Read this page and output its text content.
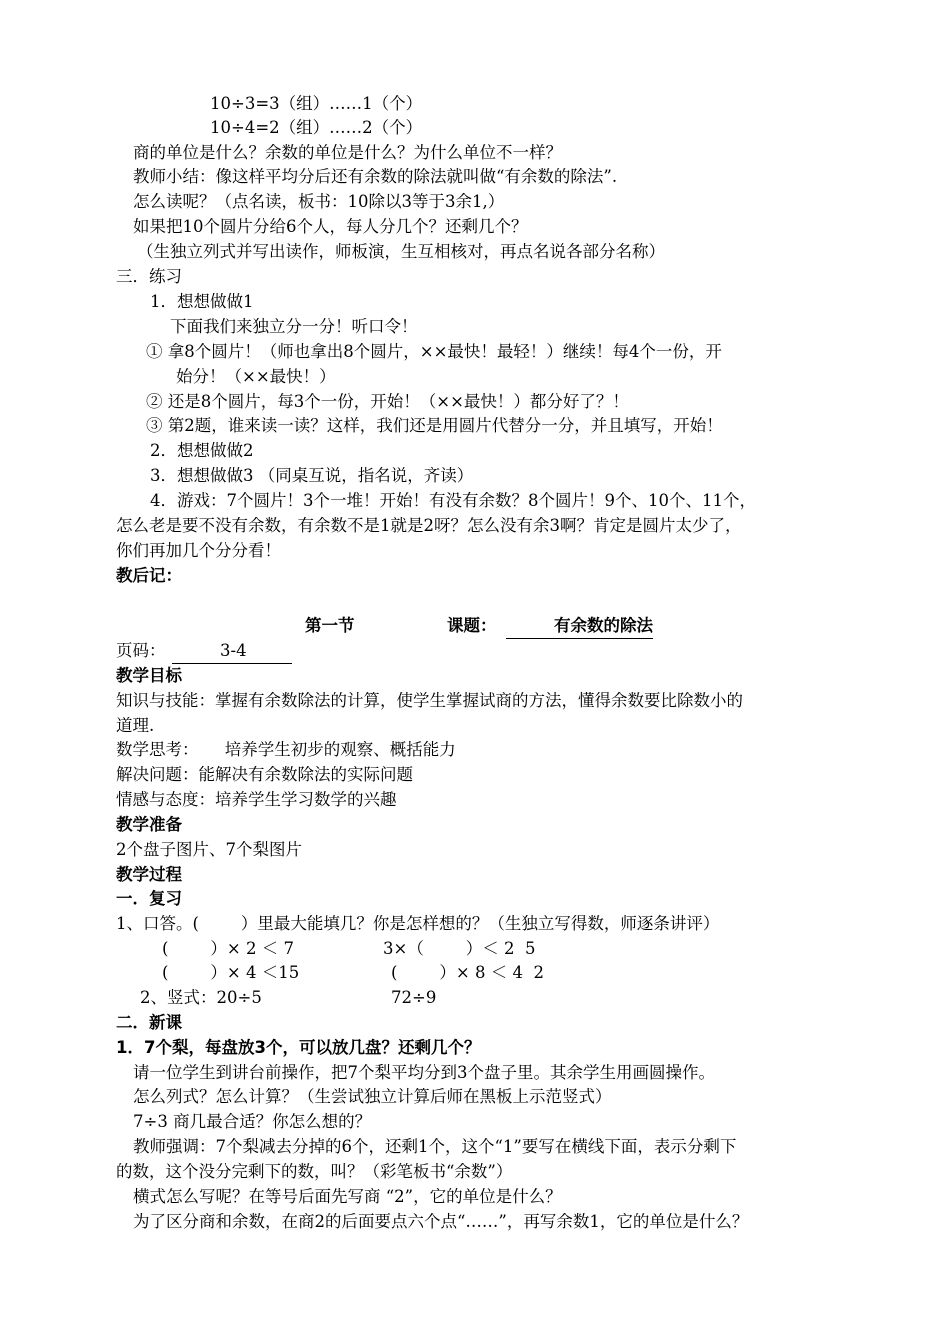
10÷3=3（组）……1（个）
10÷4=2（组）……2（个）
商的单位是什么？余数的单位是什么？为什么单位不一样？
教师小结：像这样平均分后还有余数的除法就叫做“有余数的除法”.
怎么读呢？（点名读，板书：10除以3等于3余1,）
如果把10个圆片分给6个人，每人分几个？还剩几个？
（生独立列式并写出读作，师板演，生互相核对，再点名说各部分名称）
三．练习
1．想想做做1
下面我们来独立分一分！听口令！
① 拿8个圆片！（师也拿出8个圆片，××最快！最轻！）继续！每4个一份，开
始分！（××最快！）
② 还是8个圆片，每3个一份，开始！（××最快！）都分好了？！
③ 第2题，谁来读一读？这样，我们还是用圆片代替分一分，并且填写，开始！
2．想想做做2
3．想想做做3 （同桌互说，指名说，齐读）
4．游戏：7个圆片！3个一堆！开始！有没有余数？8个圆片！9个、10个、11个，
怎么老是要不没有余数，有余数不是1就是2呀？怎么没有余3啊？肯定是圆片太少了，
你们再加几个分分看！
教后记：
第一节	课题：	有余数的除法
页码：	3-4
教学目标
知识与技能：掌握有余数除法的计算，使学生掌握试商的方法，懂得余数要比除数小的
道理.
数学思考：     培养学生初步的观察、概括能力
解决问题：能解决有余数除法的实际问题
情感与态度：培养学生学习数学的兴趣
教学准备
2个盘子图片、7个梨图片
教学过程
一．复习
1、口答。(        ）里最大能填几？你是怎样想的？（生独立写得数，师逐条讲评）
(        ）× 2 ＜ 7	3×（        ）＜ 2  5
(        ）× 4 ＜15	(        ）× 8 ＜ 4  2
2、竖式：20÷5	72÷9
二．新课
1．7个梨，每盘放3个，可以放几盘？还剩几个？
请一位学生到讲台前操作，把7个梨平均分到3个盘子里。其余学生用画圆操作。
怎么列式？怎么计算？（生尝试独立计算后师在黑板上示范竖式）
7÷3 商几最合适？你怎么想的？
教师强调：7个梨减去分掉的6个，还剩1个，这个“1”要写在横线下面，表示分剩下
的数，这个没分完剩下的数，叫？（彩笔板书“余数”）
横式怎么写呢？在等号后面先写商 “2”，它的单位是什么？
为了区分商和余数，在商2的后面要点六个点“……”，再写余数1，它的单位是什么？
